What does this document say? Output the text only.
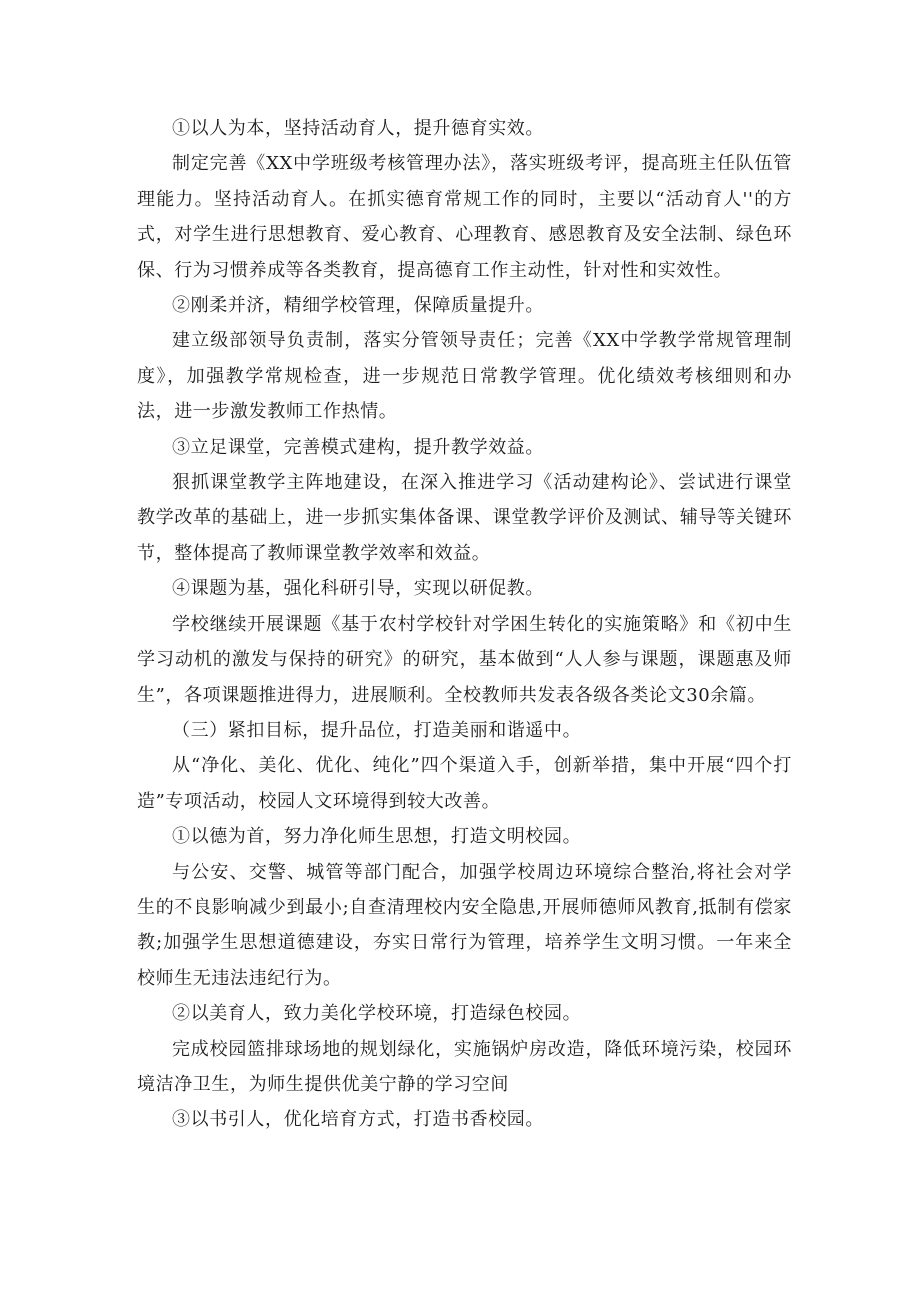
①以人为本，坚持活动育人，提升德育实效。

制定完善《XX中学班级考核管理办法》，落实班级考评，提高班主任队伍管理能力。坚持活动育人。在抓实德育常规工作的同时，主要以“活动育人''的方式，对学生进行思想教育、爱心教育、心理教育、感恩教育及安全法制、绿色环保、行为习惯养成等各类教育，提高德育工作主动性，针对性和实效性。

②刚柔并济，精细学校管理，保障质量提升。

建立级部领导负责制，落实分管领导责任；完善《XX中学教学常规管理制度》，加强教学常规检查，进一步规范日常教学管理。优化绩效考核细则和办法，进一步激发教师工作热情。

③立足课堂，完善模式建构，提升教学效益。

狠抓课堂教学主阵地建设，在深入推进学习《活动建构论》、尝试进行课堂教学改革的基础上，进一步抓实集体备课、课堂教学评价及测试、辅导等关键环节，整体提高了教师课堂教学效率和效益。

④课题为基，强化科研引导，实现以研促教。

学校继续开展课题《基于农村学校针对学困生转化的实施策略》和《初中生学习动机的激发与保持的研究》的研究，基本做到“人人参与课题，课题惠及师生”，各项课题推进得力，进展顺利。全校教师共发表各级各类论文30余篇。

（三）紧扣目标，提升品位，打造美丽和谐遥中。

从“净化、美化、优化、纯化”四个渠道入手，创新举措，集中开展“四个打造”专项活动，校园人文环境得到较大改善。

①以德为首，努力净化师生思想，打造文明校园。

与公安、交警、城管等部门配合，加强学校周边环境综合整治,将社会对学生的不良影响减少到最小;自查清理校内安全隐患,开展师德师风教育,抵制有偿家教;加强学生思想道德建设，夯实日常行为管理，培养学生文明习惯。一年来全校师生无违法违纪行为。

②以美育人，致力美化学校环境，打造绿色校园。

完成校园篮排球场地的规划绿化，实施锅炉房改造，降低环境污染，校园环境洁净卫生，为师生提供优美宁静的学习空间

③以书引人，优化培育方式，打造书香校园。
